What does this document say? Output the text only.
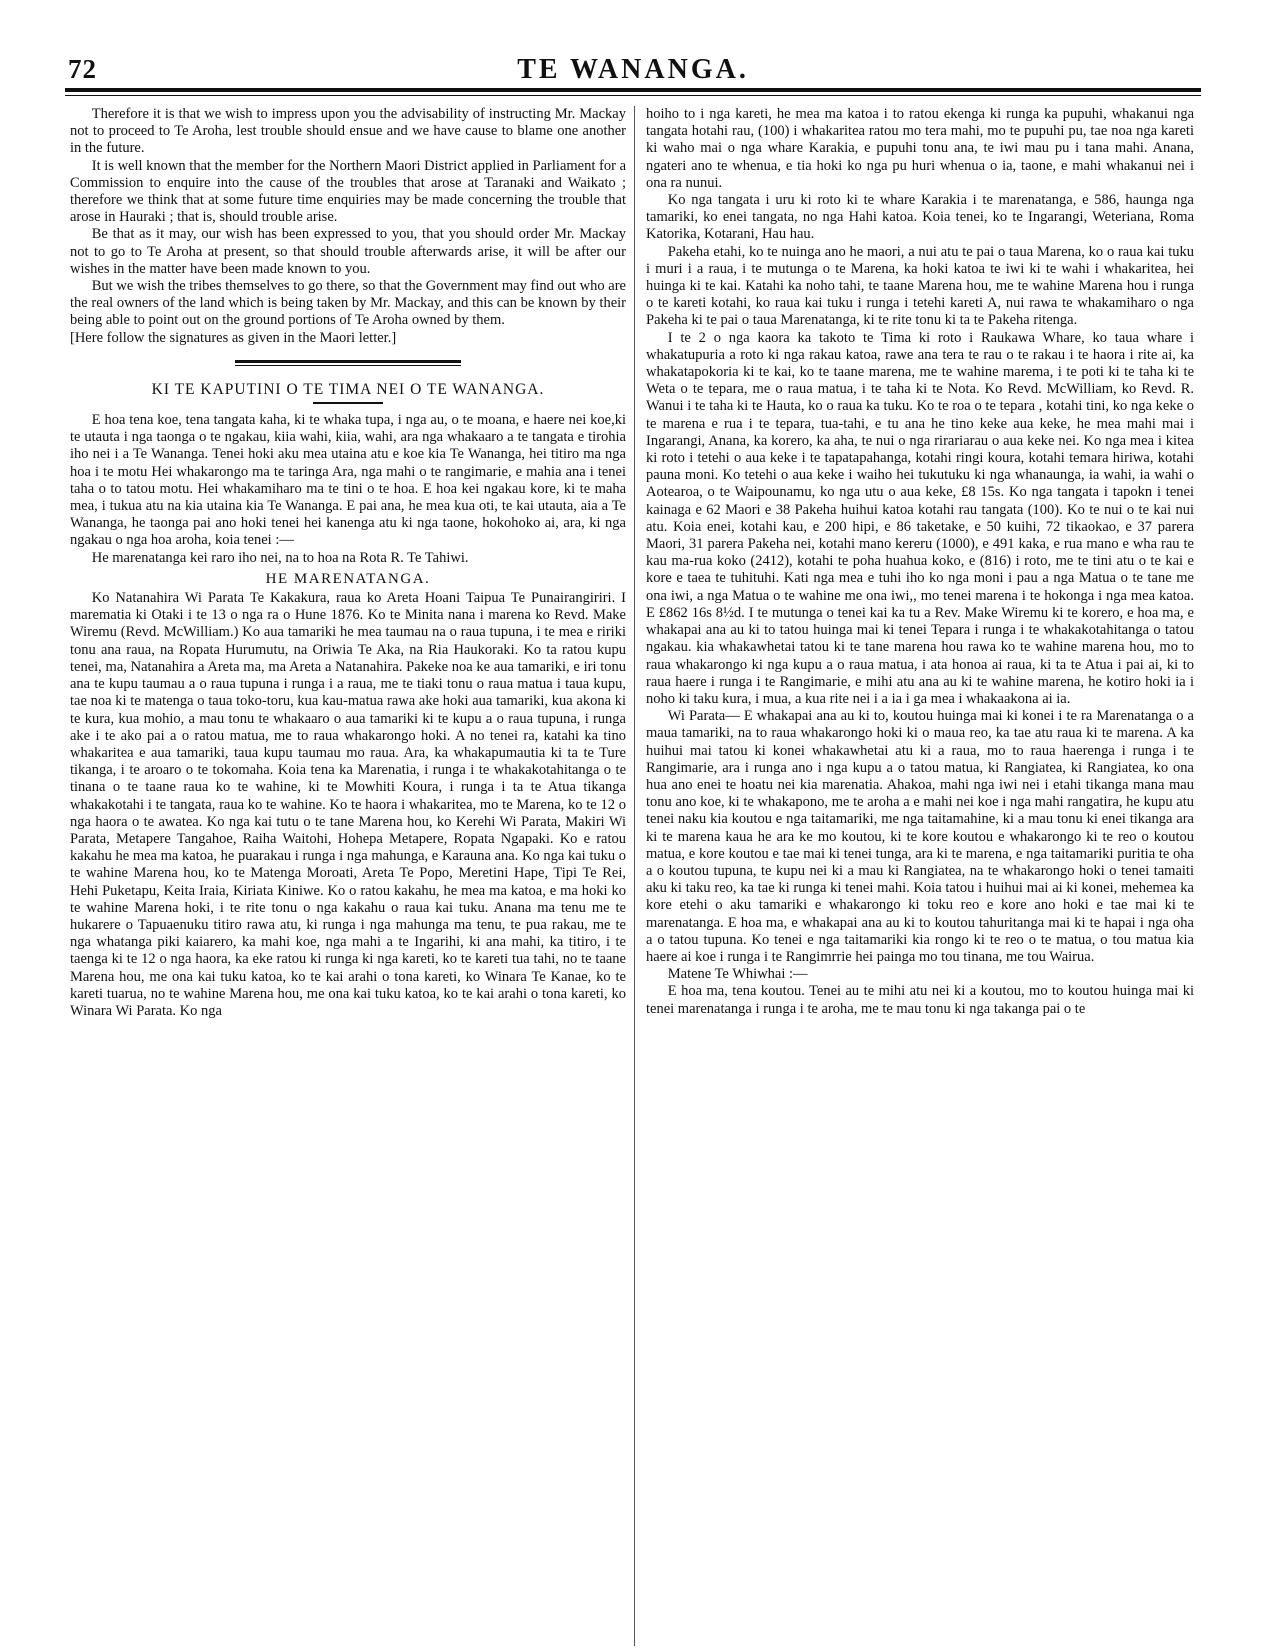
72	TE WANANGA.

Therefore it is that we wish to impress upon you the advisability of instructing Mr. Mackay not to proceed to Te Aroha, lest trouble should ensue and we have cause to blame one another in the future.

It is well known that the member for the Northern Maori District applied in Parliament for a Commission to enquire into the cause of the troubles that arose at Taranaki and Waikato ; therefore we think that at some future time enquiries may be made concerning the trouble that arose in Hauraki ; that is, should trouble arise.

Be that as it may, our wish has been expressed to you, that you should order Mr. Mackay not to go to Te Aroha at present, so that should trouble afterwards arise, it will be after our wishes in the matter have been made known to you.

But we wish the tribes themselves to go there, so that the Government may find out who are the real owners of the land which is being taken by Mr. Mackay, and this can be known by their being able to point out on the ground portions of Te Aroha owned by them.

[Here follow the signatures as given in the Maori letter.]

KI TE KAPUTINI O TE TIMA NEI O TE WANANGA.

E hoa tena koe, tena tangata kaha, ki te whaka tupa, i nga au, o te moana, e haere nei koe,ki te utauta i nga taonga o te ngakau, kiia wahi, kiia, wahi, ara nga whakaaro a te tangata e tirohia iho nei i a Te Wananga. Tenei hoki aku mea utaina atu e koe kia Te Wananga, hei titiro ma nga hoa i te motu Hei whakarongo ma te taringa Ara, nga mahi o te rangimarie, e mahia ana i tenei taha o to tatou motu. Hei whakamiharo ma te tini o te hoa. E hoa kei ngakau kore, ki te maha mea, i tukua atu na kia utaina kia Te Wananga. E pai ana, he mea kua oti, te kai utauta, aia a Te Wananga, he taonga pai ano hoki tenei hei kanenga atu ki nga taone, hokohoko ai, ara, ki nga ngakau o nga hoa aroha, koia tenei :—

He marenatanga kei raro iho nei, na to hoa na Rota R. Te Tahiwi.

HE MARENATANGA.

Ko Natanahira Wi Parata Te Kakakura, raua ko Areta Hoani Taipua Te Punairangiriri. I marematia ki Otaki i te 13 o nga ra o Hune 1876. Ko te Minita nana i marena ko Revd. Make Wiremu (Revd. McWilliam.) Ko aua tamariki he mea taumau na o raua tupuna, i te mea e ririki tonu ana raua, na Ropata Hurumutu, na Oriwia Te Aka, na Ria Haukoraki. Ko ta ratou kupu tenei, ma, Natanahira a Areta ma, ma Areta a Natanahira. Pakeke noa ke aua tamariki, e iri tonu ana te kupu taumau a o raua tupuna i runga i a raua, me te tiaki tonu o raua matua i taua kupu, tae noa ki te matenga o taua toko-toru, kua kau-matua rawa ake hoki aua tamariki, kua akona ki te kura, kua mohio, a mau tonu te whakaaro o aua tamariki ki te kupu a o raua tupuna, i runga ake i te ako pai a o ratou matua, me to raua whakarongo hoki. A no tenei ra, katahi ka tino whakaritea e aua tamariki, taua kupu taumau mo raua. Ara, ka whakapumautia ki ta te Ture tikanga, i te aroaro o te tokomaha. Koia tena ka Marenatia, i runga i te whakakotahitanga o te tinana o te taane raua ko te wahine, ki te Mowhiti Koura, i runga i ta te Atua tikanga whakakotahi i te tangata, raua ko te wahine. Ko te haora i whakaritea, mo te Marena, ko te 12 o nga haora o te awatea. Ko nga kai tutu o te tane Marena hou, ko Kerehi Wi Parata, Makiri Wi Parata, Metapere Tangahoe, Raiha Waitohi, Hohepa Metapere, Ropata Ngapaki. Ko e ratou kakahu he mea ma katoa, he puarakau i runga i nga mahunga, e Karauna ana. Ko nga kai tuku o te wahine Marena hou, ko te Matenga Moroati, Areta Te Popo, Meretini Hape, Tipi Te Rei, Hehi Puketapu, Keita Iraia, Kiriata Kiniwe. Ko o ratou kakahu, he mea ma katoa, e ma hoki ko te wahine Marena hoki, i te rite tonu o nga kakahu o raua kai tuku. Anana ma tenu me te hukarere o Tapuaenuku titiro rawa atu, ki runga i nga mahunga ma tenu, te pua rakau, me te nga whatanga piki kaiarero, ka mahi koe, nga mahi a te Ingarihi, ki ana mahi, ka titiro, i te taenga ki te 12 o nga haora, ka eke ratou ki runga ki nga kareti, ko te kareti tua tahi, no te taane Marena hou, me ona kai tuku katoa, ko te kai arahi o tona kareti, ko Winara Te Kanae, ko te kareti tuarua, no te wahine Marena hou, me ona kai tuku katoa, ko te kai arahi o tona kareti, ko Winara Wi Parata. Ko nga

hoiho to i nga kareti, he mea ma katoa i to ratou ekenga ki runga ka pupuhi, whakanui nga tangata hotahi rau, (100) i whakaritea ratou mo tera mahi, mo te pupuhi pu, tae noa nga kareti ki waho mai o nga whare Karakia, e pupuhi tonu ana, te iwi mau pu i tana mahi. Anana, ngateri ano te whenua, e tia hoki ko nga pu huri whenua o ia, taone, e mahi whakanui nei i ona ra nunui.

Ko nga tangata i uru ki roto ki te whare Karakia i te marenatanga, e 586, haunga nga tamariki, ko enei tangata, no nga Hahi katoa. Koia tenei, ko te Ingarangi, Weteriana, Roma Katorika, Kotarani, Hau hau.

Pakeha etahi, ko te nuinga ano he maori, a nui atu te pai o taua Marena, ko o raua kai tuku i muri i a raua, i te mutunga o te Marena, ka hoki katoa te iwi ki te wahi i whakaritea, hei huinga ki te kai. Katahi ka noho tahi, te taane Marena hou, me te wahine Marena hou i runga o te kareti kotahi, ko raua kai tuku i runga i tetehi kareti A, nui rawa te whakamiharo o nga Pakeha ki te pai o taua Marenatanga, ki te rite tonu ki ta te Pakeha ritenga.

I te 2 o nga kaora ka takoto te Tima ki roto i Raukawa Whare, ko taua whare i whakatupuria a roto ki nga rakau katoa, rawe ana tera te rau o te rakau i te haora i rite ai, ka whakatapokoria ki te kai, ko te taane marena, me te wahine marema, i te poti ki te taha ki te Weta o te tepara, me o raua matua, i te taha ki te Nota. Ko Revd. McWilliam, ko Revd. R. Wanui i te taha ki te Hauta, ko o raua ka tuku. Ko te roa o te tepara , kotahi tini, ko nga keke o te marena e rua i te tepara, tua-tahi, e tu ana he tino keke aua keke, he mea mahi mai i Ingarangi, Anana, ka korero, ka aha, te nui o nga rirariarau o aua keke nei. Ko nga mea i kitea ki roto i tetehi o aua keke i te tapatapahanga, kotahi ringi koura, kotahi temara hiriwa, kotahi pauna moni. Ko tetehi o aua keke i waiho hei tukutuku ki nga whanaunga, ia wahi, ia wahi o Aotearoa, o te Waipounamu, ko nga utu o aua keke, £8 15s. Ko nga tangata i tapokn i tenei kainaga e 62 Maori e 38 Pakeha huihui katoa kotahi rau tangata (100). Ko te nui o te kai nui atu. Koia enei, kotahi kau, e 200 hipi, e 86 taketake, e 50 kuihi, 72 tikaokao, e 37 parera Maori, 31 parera Pakeha nei, kotahi mano kereru (1000), e 491 kaka, e rua mano e wha rau te kau ma-rua koko (2412), kotahi te poha huahua koko, e (816) i roto, me te tini atu o te kai e kore e taea te tuhituhi. Kati nga mea e tuhi iho ko nga moni i pau a nga Matua o te tane me ona iwi, a nga Matua o te wahine me ona iwi,, mo tenei marena i te hokonga i nga mea katoa. E £862 16s 8½d. I te mutunga o tenei kai ka tu a Rev. Make Wiremu ki te korero, e hoa ma, e whakapai ana au ki to tatou huinga mai ki tenei Tepara i runga i te whakakotahitanga o tatou ngakau. kia whakawhetai tatou ki te tane marena hou rawa ko te wahine marena hou, mo to raua whakarongo ki nga kupu a o raua matua, i ata honoa ai raua, ki ta te Atua i pai ai, ki to raua haere i runga i te Rangimarie, e mihi atu ana au ki te wahine marena, he kotiro hoki ia i noho ki taku kura, i mua, a kua rite nei i a ia i ga mea i whakaakona ai ia.

Wi Parata— E whakapai ana au ki to, koutou huinga mai ki konei i te ra Marenatanga o a maua tamariki, na to raua whakarongo hoki ki o maua reo, ka tae atu raua ki te marena. A ka huihui mai tatou ki konei whakawhetai atu ki a raua, mo to raua haerenga i runga i te Rangimarie, ara i runga ano i nga kupu a o tatou matua, ki Rangiatea, ki Rangiatea, ko ona hua ano enei te hoatu nei kia marenatia. Ahakoa, mahi nga iwi nei i etahi tikanga mana mau tonu ano koe, ki te whakapono, me te aroha a e mahi nei koe i nga mahi rangatira, he kupu atu tenei naku kia koutou e nga taitamariki, me nga taitamahine, ki a mau tonu ki enei tikanga ara ki te marena kaua he ara ke mo koutou, ki te kore koutou e whakarongo ki te reo o koutou matua, e kore koutou e tae mai ki tenei tunga, ara ki te marena, e nga taitamariki puritia te oha a o koutou tupuna, te kupu nei ki a mau ki Rangiatea, na te whakarongo hoki o tenei tamaiti aku ki taku reo, ka tae ki runga ki tenei mahi. Koia tatou i huihui mai ai ki konei, mehemea ka kore etehi o aku tamariki e whakarongo ki toku reo e kore ano hoki e tae mai ki te marenatanga. E hoa ma, e whakapai ana au ki to koutou tahuritanga mai ki te hapai i nga oha a o tatou tupuna. Ko tenei e nga taitamariki kia rongo ki te reo o te matua, o tou matua kia haere ai koe i runga i te Rangimrrie hei painga mo tou tinana, me tou Wairua.

Matene Te Whiwhai :—

E hoa ma, tena koutou. Tenei au te mihi atu nei ki a koutou, mo to koutou huinga mai ki tenei marenatanga i runga i te aroha, me te mau tonu ki nga takanga pai o te
